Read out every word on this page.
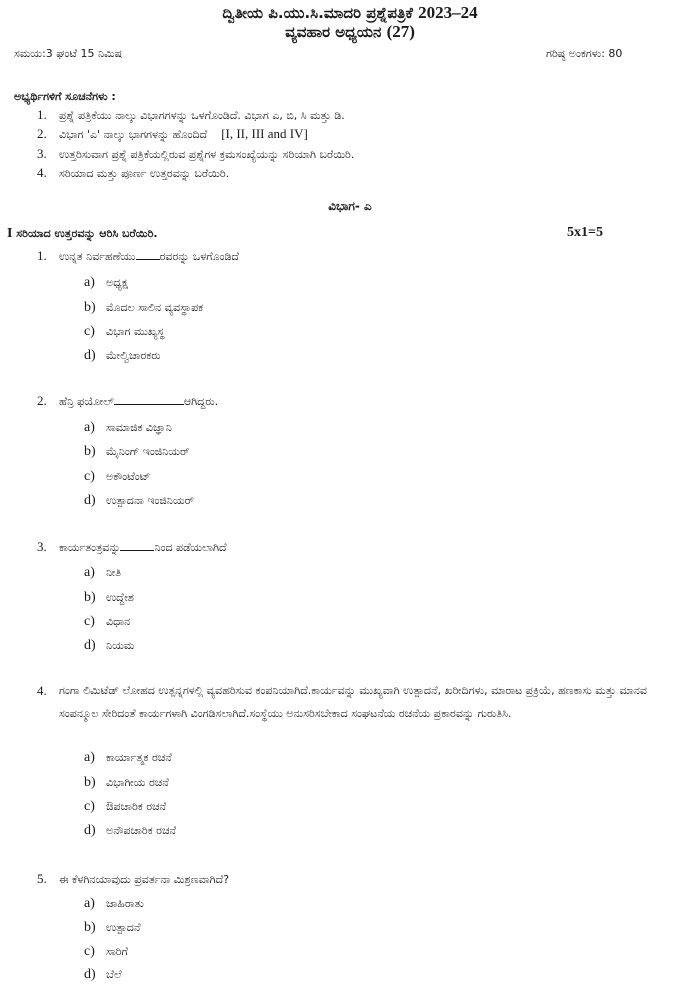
ದ್ವಿತೀಯ ಪಿ.ಯು.ಸಿ.ಮಾದರಿ ಪ್ರಶ್ನೆಪತ್ರಿಕೆ 2023–24
ವ್ಯವಹಾರ ಅಧ್ಯಯನ (27)
ಸಮಯ:3 ಘಂಟೆ 15 ನಿಮಿಷ	ಗರಿಷ್ಠ ಅಂಕಗಳು: 80
ಅಭ್ಯರ್ಥಿಗಳಿಗೆ ಸೂಚನೆಗಳು :
1. ಪ್ರಶ್ನೆ ಪತ್ರಿಕೆಯು ನಾಲ್ಕು ವಿಭಾಗಗಳನ್ನು ಒಳಗೊಂಡಿದೆ. ವಿಭಾಗ ಎ, ಬಿ, ಸಿ ಮತ್ತು ಡಿ.
2. ವಿಭಾಗ 'ಎ' ನಾಲ್ಕು ಭಾಗಗಳನ್ನು ಹೊಂದಿದೆ [I, II, III and IV]
3. ಉತ್ತರಿಸುವಾಗ ಪ್ರಶ್ನೆ ಪತ್ರಿಕೆಯಲ್ಲಿರುವ ಪ್ರಶ್ನೆಗಳ ಕ್ರಮಸಂಖ್ಯೆಯನ್ನು ಸರಿಯಾಗಿ ಬರೆಯಿರಿ.
4. ಸರಿಯಾದ ಮತ್ತು ಪೂರ್ಣ ಉತ್ತರವನ್ನು ಬರೆಯಿರಿ.
ವಿಭಾಗ- ಎ
I ಸರಿಯಾದ ಉತ್ತರವನ್ನು ಆರಿಸಿ ಬರೆಯಿರಿ.	5x1=5
1. ಉನ್ನತ ನಿರ್ವಹಣೆಯು ರವರನ್ನು ಒಳಗೊಂಡಿದೆ
a) ಅಧ್ಯಕ್ಷ
b) ಮೊದಲ ಸಾಲಿನ ವ್ಯವಸ್ಥಾಪಕ
c) ವಿಭಾಗ ಮುಖ್ಯಸ್ಥ
d) ಮೇಲ್ವಿಚಾರಕರು
2. ಹೆನ್ರಿ ಫಯೋಲ್	ಆಗಿದ್ದರು.
a) ಸಾಮಾಜಿಕ ವಿಜ್ಞಾನಿ
b) ಮೈನಿಂಗ್ ಇಂಜಿನಿಯರ್
c) ಅಕೌಂಟೆಂಟ್
d) ಉತ್ಪಾದನಾ ಇಂಜಿನಿಯರ್
3. ಕಾರ್ಯತಂತ್ರವನ್ನು	ನಿಂದ ಪಡೆಯಲಾಗಿದೆ
a) ನೀತಿ
b) ಉದ್ದೇಶ
c) ವಿಧಾನ
d) ನಿಯಮ
4. ಗಂಗಾ ಲಿಮಿಟೆಡ್ ಲೋಹದ ಉತ್ಪನ್ನಗಳಲ್ಲಿ ವ್ಯವಹರಿಸುವ ಕಂಪನಿಯಾಗಿದೆ.ಕಾರ್ಯವನ್ನು ಮುಖ್ಯವಾಗಿ ಉತ್ಪಾದನೆ, ಖರೀದಿಗಳು, ಮಾರಾಟ ಪ್ರಕ್ರಿಯೆ, ಹಣಕಾಸು ಮತ್ತು ಮಾನವ ಸಂಪನ್ಮೂಲ ಸೇರಿದಂತೆ ಕಾರ್ಯಗಳಾಗಿ ವಿಂಗಡಿಸಲಾಗಿದೆ.ಸಂಸ್ಥೆಯು ಅನುಸರಿಸಬೇಕಾದ ಸಂಘಟನೆಯ ರಚನೆಯ ಪ್ರಕಾರವನ್ನು ಗುರುತಿಸಿ.
a) ಕಾರ್ಯಾತ್ಮಕ ರಚನೆ
b) ವಿಭಾಗೀಯ ರಚನೆ
c) ಔಪಚಾರಿಕ ರಚನೆ
d) ಅನೌಪಚಾರಿಕ ರಚನೆ
5. ಈ ಕೆಳಗಿನಯಾವುದು ಪ್ರವರ್ತನಾ ಮಿಶ್ರಣವಾಗಿದೆ?
a) ಜಾಹಿರಾತು
b) ಉತ್ಪಾದನೆ
c) ಸಾರಿಗೆ
d) ಬೆಲೆ
